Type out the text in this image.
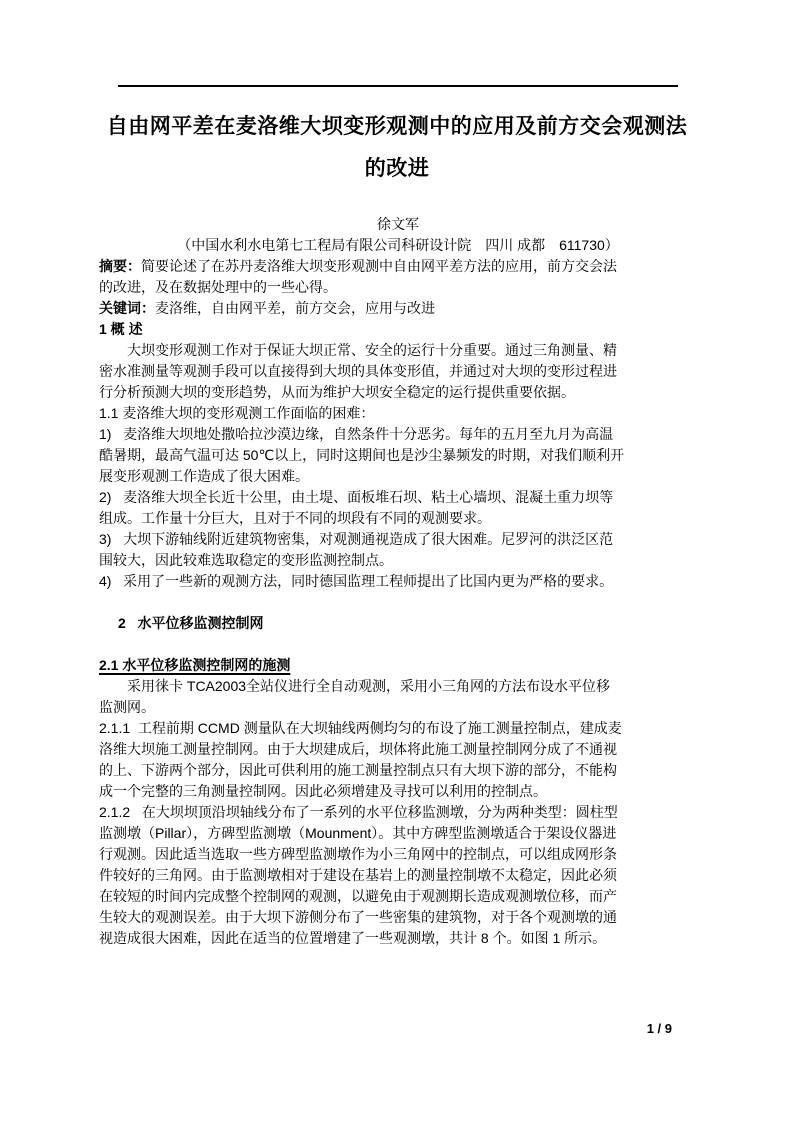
自由网平差在麦洛维大坝变形观测中的应用及前方交会观测法
的改进
徐文军
（中国水利水电第七工程局有限公司科研设计院　四川 成都　611730）
摘要：简要论述了在苏丹麦洛维大坝变形观测中自由网平差方法的应用，前方交会法
的改进，及在数据处理中的一些心得。
关键词：麦洛维，自由网平差，前方交会，应用与改进
1 概 述
大坝变形观测工作对于保证大坝正常、安全的运行十分重要。通过三角测量、精
密水准测量等观测手段可以直接得到大坝的具体变形值，并通过对大坝的变形过程进
行分析预测大坝的变形趋势，从而为维护大坝安全稳定的运行提供重要依据。
1.1 麦洛维大坝的变形观测工作面临的困难：
1)   麦洛维大坝地处撒哈拉沙漠边缘，自然条件十分恶劣。每年的五月至九月为高温
酷暑期，最高气温可达 50℃以上，同时这期间也是沙尘暴频发的时期，对我们顺利开
展变形观测工作造成了很大困难。
2)   麦洛维大坝全长近十公里，由土堤、面板堆石坝、粘土心墙坝、混凝土重力坝等
组成。工作量十分巨大，且对于不同的坝段有不同的观测要求。
3)   大坝下游轴线附近建筑物密集，对观测通视造成了很大困难。尼罗河的洪泛区范
围较大，因此较难选取稳定的变形监测控制点。
4)   采用了一些新的观测方法，同时德国监理工程师提出了比国内更为严格的要求。
2   水平位移监测控制网
2.1 水平位移监测控制网的施测
采用徕卡 TCA2003全站仪进行全自动观测，采用小三角网的方法布设水平位移
监测网。
2.1.1  工程前期 CCMD 测量队在大坝轴线两侧均匀的布设了施工测量控制点，建成麦
洛维大坝施工测量控制网。由于大坝建成后，坝体将此施工测量控制网分成了不通视
的上、下游两个部分，因此可供利用的施工测量控制点只有大坝下游的部分，不能构
成一个完整的三角测量控制网。因此必须增建及寻找可以利用的控制点。
2.1.2   在大坝坝顶沿坝轴线分布了一系列的水平位移监测墩，分为两种类型：圆柱型
监测墩（Pillar），方碑型监测墩（Mounment）。其中方碑型监测墩适合于架设仪器进
行观测。因此适当选取一些方碑型监测墩作为小三角网中的控制点，可以组成网形条
件较好的三角网。由于监测墩相对于建设在基岩上的测量控制墩不太稳定，因此必须
在较短的时间内完成整个控制网的观测，以避免由于观测期长造成观测墩位移，而产
生较大的观测误差。由于大坝下游侧分布了一些密集的建筑物，对于各个观测墩的通
视造成很大困难，因此在适当的位置增建了一些观测墩，共计 8 个。如图 1 所示。
1 / 9
